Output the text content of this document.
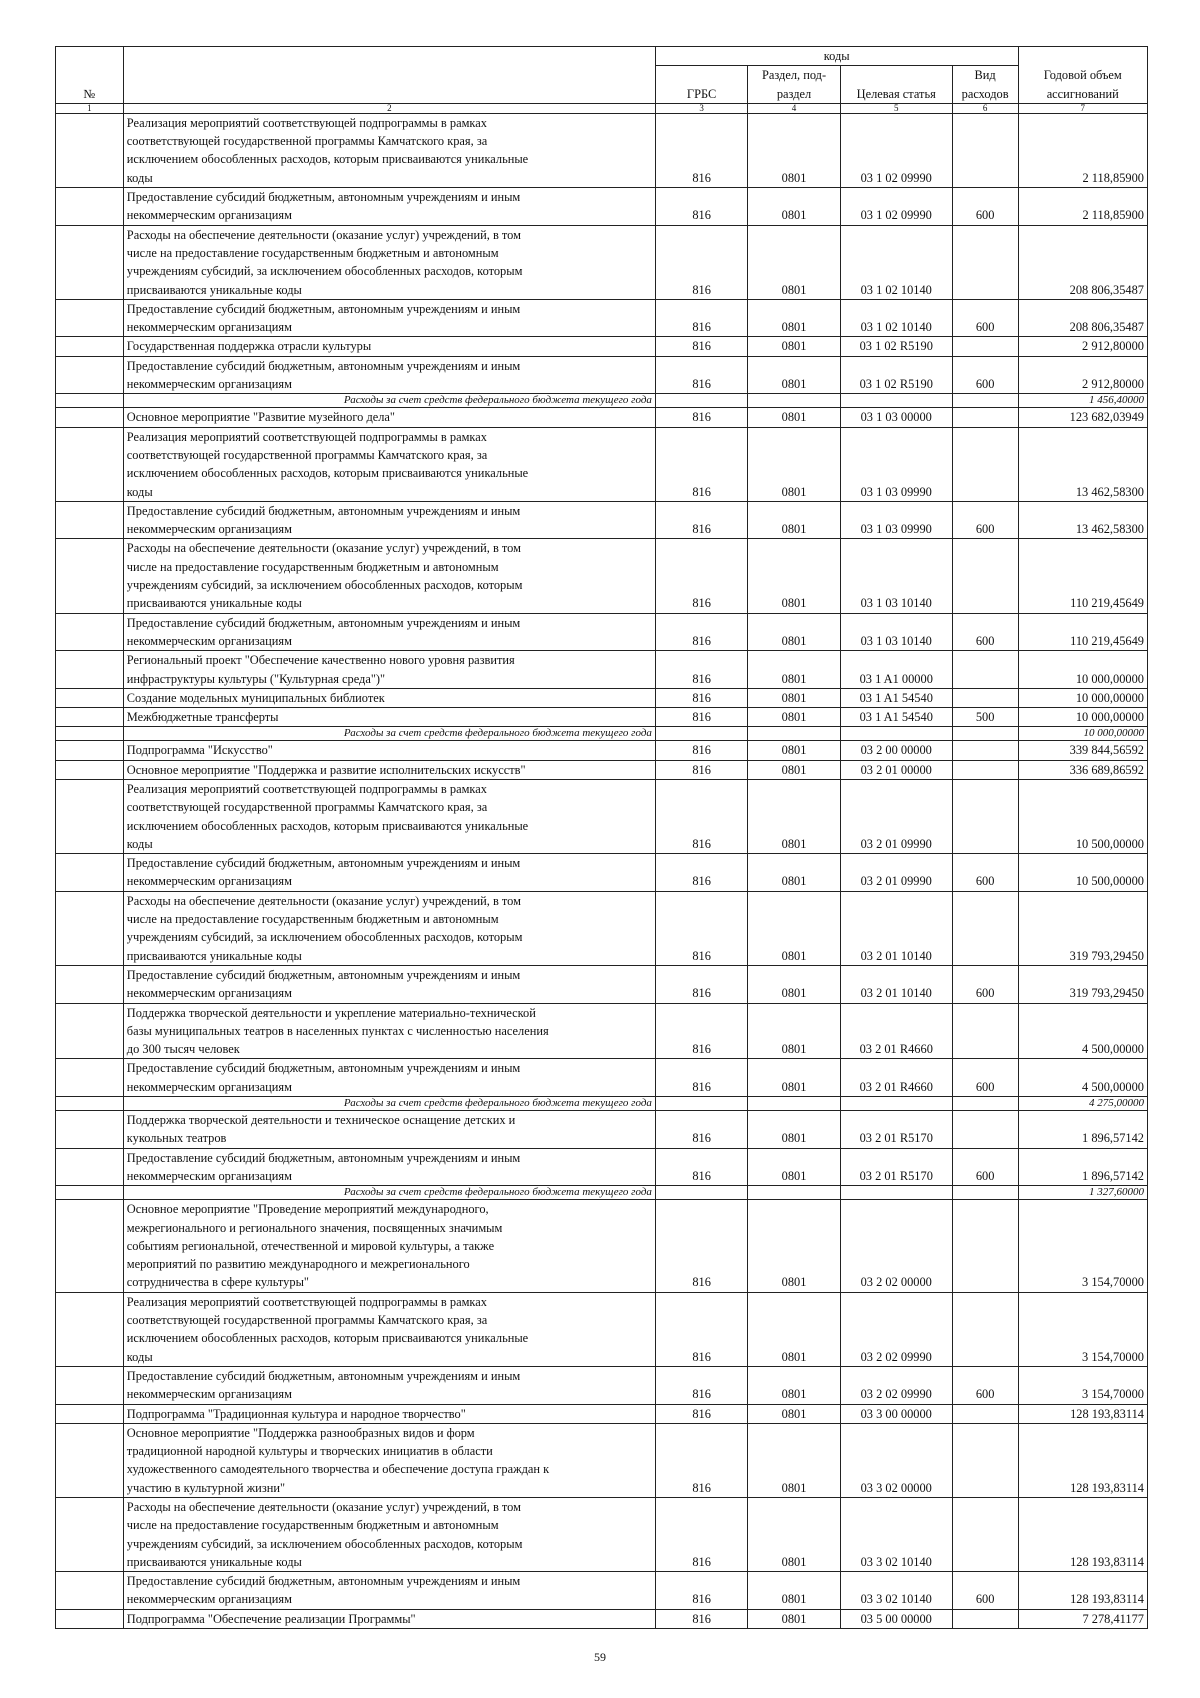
№		коды				Годовой объем ассигнований
		ГРБС	Раздел, под-раздел	Целевая статья	Вид расходов	
1	2	3	4	5	6	7
	Реализация мероприятий соответствующей подпрограммы в рамках
соответствующей государственной программы Камчатского края, за
исключением обособленных расходов, которым присваиваются уникальные
коды	816	0801	03 1 02 09990		2 118,85900
	Предоставление субсидий бюджетным, автономным учреждениям и иным
некоммерческим организациям	816	0801	03 1 02 09990	600	2 118,85900
	Расходы на обеспечение деятельности (оказание услуг) учреждений, в том
числе на предоставление государственным бюджетным и автономным
учреждениям субсидий, за исключением обособленных расходов, которым
присваиваются уникальные коды	816	0801	03 1 02 10140		208 806,35487
	Предоставление субсидий бюджетным, автономным учреждениям и иным
некоммерческим организациям	816	0801	03 1 02 10140	600	208 806,35487
	Государственная поддержка отрасли культуры	816	0801	03 1 02 R5190		2 912,80000
	Предоставление субсидий бюджетным, автономным учреждениям и иным
некоммерческим организациям	816	0801	03 1 02 R5190	600	2 912,80000
	Расходы за счет средств федерального бюджета текущего года					1 456,40000
	Основное мероприятие "Развитие музейного дела"	816	0801	03 1 03 00000		123 682,03949
	Реализация мероприятий соответствующей подпрограммы в рамках
соответствующей государственной программы Камчатского края, за
исключением обособленных расходов, которым присваиваются уникальные
коды	816	0801	03 1 03 09990		13 462,58300
	Предоставление субсидий бюджетным, автономным учреждениям и иным
некоммерческим организациям	816	0801	03 1 03 09990	600	13 462,58300
	Расходы на обеспечение деятельности (оказание услуг) учреждений, в том
числе на предоставление государственным бюджетным и автономным
учреждениям субсидий, за исключением обособленных расходов, которым
присваиваются уникальные коды	816	0801	03 1 03 10140		110 219,45649
	Предоставление субсидий бюджетным, автономным учреждениям и иным
некоммерческим организациям	816	0801	03 1 03 10140	600	110 219,45649
	Региональный проект "Обеспечение качественно нового уровня развития
инфраструктуры культуры ("Культурная среда")"	816	0801	03 1 A1 00000		10 000,00000
	Создание модельных муниципальных библиотек	816	0801	03 1 A1 54540		10 000,00000
	Межбюджетные трансферты	816	0801	03 1 A1 54540	500	10 000,00000
	Расходы за счет средств федерального бюджета текущего года					10 000,00000
	Подпрограмма "Искусство"	816	0801	03 2 00 00000		339 844,56592
	Основное мероприятие "Поддержка и развитие исполнительских искусств"	816	0801	03 2 01 00000		336 689,86592
	Реализация мероприятий соответствующей подпрограммы в рамках
соответствующей государственной программы Камчатского края, за
исключением обособленных расходов, которым присваиваются уникальные
коды	816	0801	03 2 01 09990		10 500,00000
	Предоставление субсидий бюджетным, автономным учреждениям и иным
некоммерческим организациям	816	0801	03 2 01 09990	600	10 500,00000
	Расходы на обеспечение деятельности (оказание услуг) учреждений, в том
числе на предоставление государственным бюджетным и автономным
учреждениям субсидий, за исключением обособленных расходов, которым
присваиваются уникальные коды	816	0801	03 2 01 10140		319 793,29450
	Предоставление субсидий бюджетным, автономным учреждениям и иным
некоммерческим организациям	816	0801	03 2 01 10140	600	319 793,29450
	Поддержка творческой деятельности и укрепление материально-технической
базы муниципальных театров в населенных пунктах с численностью населения
до 300 тысяч человек	816	0801	03 2 01 R4660		4 500,00000
	Предоставление субсидий бюджетным, автономным учреждениям и иным
некоммерческим организациям	816	0801	03 2 01 R4660	600	4 500,00000
	Расходы за счет средств федерального бюджета текущего года					4 275,00000
	Поддержка творческой деятельности и техническое оснащение детских и
кукольных театров	816	0801	03 2 01 R5170		1 896,57142
	Предоставление субсидий бюджетным, автономным учреждениям и иным
некоммерческим организациям	816	0801	03 2 01 R5170	600	1 896,57142
	Расходы за счет средств федерального бюджета текущего года					1 327,60000
	Основное мероприятие "Проведение мероприятий международного,
межрегионального и регионального значения, посвященных значимым
событиям региональной, отечественной и мировой культуры, а также
мероприятий по развитию международного и межрегионального
сотрудничества в сфере культуры"	816	0801	03 2 02 00000		3 154,70000
	Реализация мероприятий соответствующей подпрограммы в рамках
соответствующей государственной программы Камчатского края, за
исключением обособленных расходов, которым присваиваются уникальные
коды	816	0801	03 2 02 09990		3 154,70000
	Предоставление субсидий бюджетным, автономным учреждениям и иным
некоммерческим организациям	816	0801	03 2 02 09990	600	3 154,70000
	Подпрограмма "Традиционная культура и народное творчество"	816	0801	03 3 00 00000		128 193,83114
	Основное мероприятие "Поддержка разнообразных видов и форм
традиционной народной культуры и творческих инициатив в области
художественного самодеятельного творчества и обеспечение доступа граждан к
участию в культурной жизни"	816	0801	03 3 02 00000		128 193,83114
	Расходы на обеспечение деятельности (оказание услуг) учреждений, в том
числе на предоставление государственным бюджетным и автономным
учреждениям субсидий, за исключением обособленных расходов, которым
присваиваются уникальные коды	816	0801	03 3 02 10140		128 193,83114
	Предоставление субсидий бюджетным, автономным учреждениям и иным
некоммерческим организациям	816	0801	03 3 02 10140	600	128 193,83114
	Подпрограмма "Обеспечение реализации Программы"	816	0801	03 5 00 00000		7 278,41177
59
